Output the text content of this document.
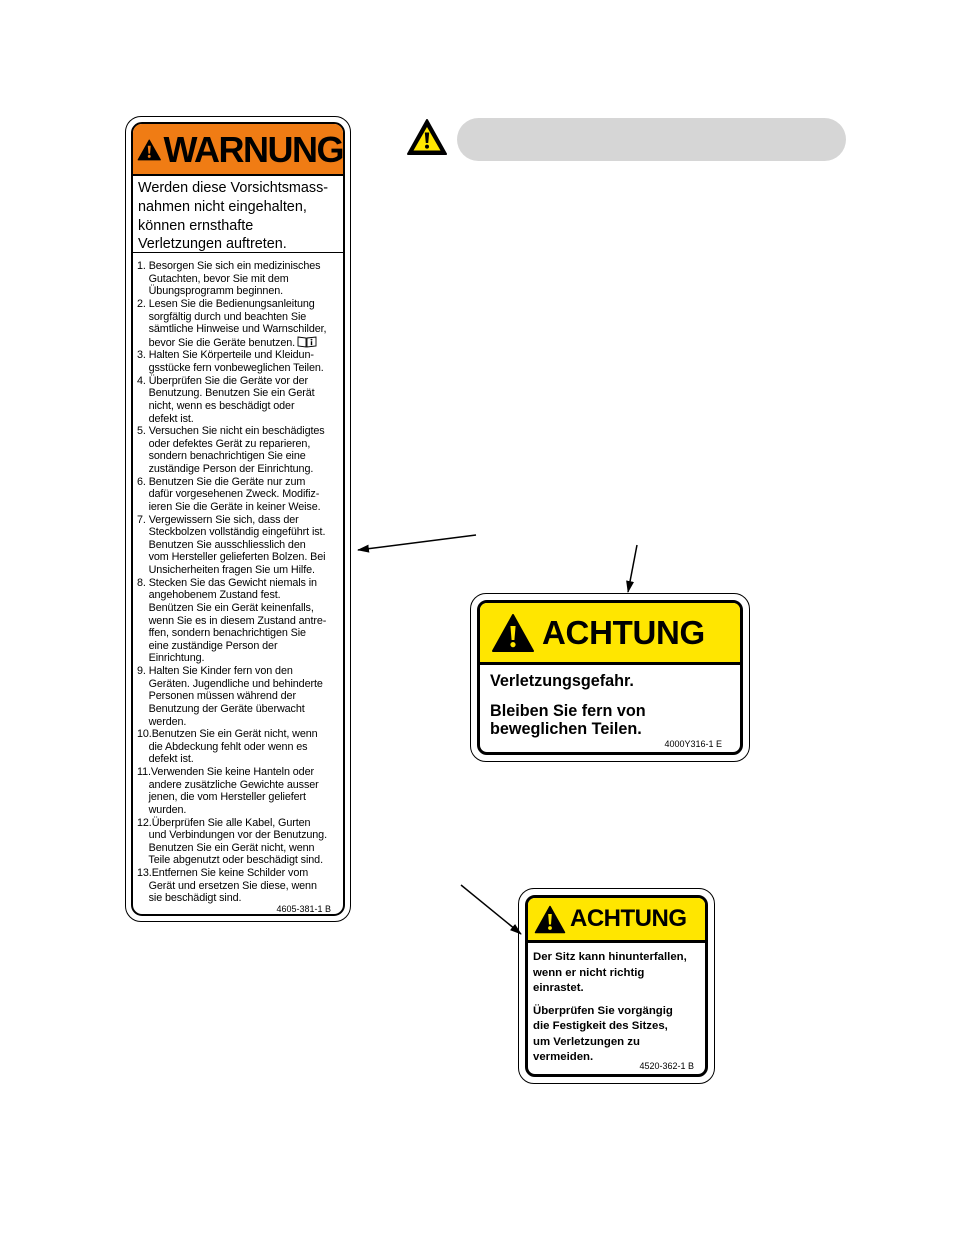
WARNUNG
Werden diese Vorsichtsmass-
nahmen nicht eingehalten,
können ernsthafte
Verletzungen auftreten.
1. Besorgen Sie sich ein medizinisches
Gutachten, bevor Sie mit dem
Übungsprogramm beginnen.
2. Lesen Sie die Bedienungsanleitung
sorgfältig durch und beachten Sie
sämtliche Hinweise und Warnschilder,
bevor Sie die Geräte benutzen.
3. Halten Sie Körperteile und Kleidun-
gsstücke fern vonbeweglichen Teilen.
4. Überprüfen Sie die Geräte vor der
Benutzung. Benutzen Sie ein Gerät
nicht, wenn es beschädigt oder
defekt ist.
5. Versuchen Sie nicht ein beschädigtes
oder defektes Gerät zu reparieren,
sondern benachrichtigen Sie eine
zuständige Person der Einrichtung.
6. Benutzen Sie die Geräte nur zum
dafür vorgesehenen Zweck. Modifiz-
ieren Sie die Geräte in keiner Weise.
7. Vergewissern Sie sich, dass der
Steckbolzen vollständig eingeführt ist.
Benutzen Sie ausschliesslich den
vom Hersteller gelieferten Bolzen. Bei
Unsicherheiten fragen Sie um Hilfe.
8. Stecken Sie das Gewicht niemals in
angehobenem Zustand fest.
Benützen Sie ein Gerät keinenfalls,
wenn Sie es in diesem Zustand antre-
ffen, sondern benachrichtigen Sie
eine zuständige Person der
Einrichtung.
9. Halten Sie Kinder fern von den
Geräten. Jugendliche und behinderte
Personen müssen während der
Benutzung der Geräte überwacht
werden.
10.Benutzen Sie ein Gerät nicht, wenn
die Abdeckung fehlt oder wenn es
defekt ist.
11.Verwenden Sie keine Hanteln oder
andere zusätzliche Gewichte ausser
jenen, die vom Hersteller geliefert
wurden.
12.Überprüfen Sie alle Kabel, Gurten
und Verbindungen vor der Benutzung.
Benutzen Sie ein Gerät nicht, wenn
Teile abgenutzt oder beschädigt sind.
13.Entfernen Sie keine Schilder vom
Gerät und ersetzen Sie diese, wenn
sie beschädigt sind.
4605-381-1 B
ACHTUNG
Verletzungsgefahr.
Bleiben Sie fern von
beweglichen Teilen.
4000Y316-1 E
ACHTUNG
Der Sitz kann hinunterfallen,
wenn er nicht richtig
einrastet.
Überprüfen Sie vorgängig
die Festigkeit des Sitzes,
um Verletzungen zu
vermeiden.
4520-362-1 B
